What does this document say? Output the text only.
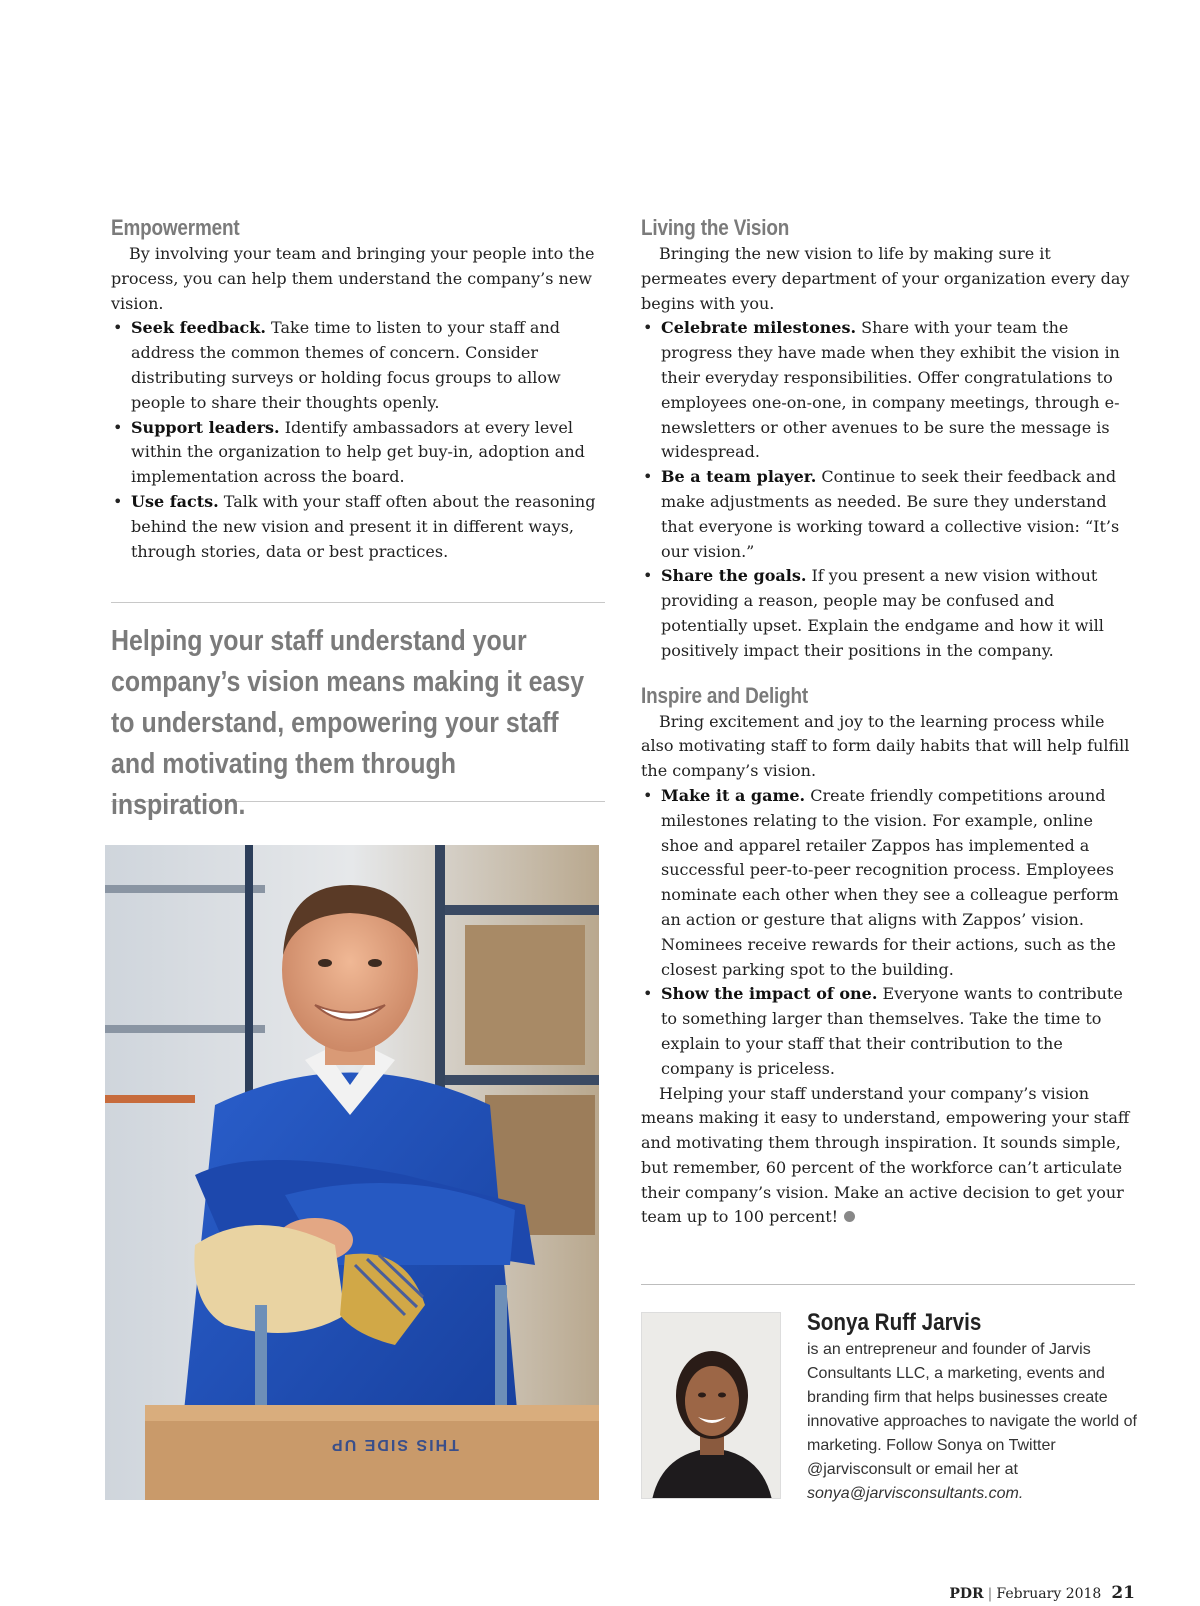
Empowerment

By involving your team and bringing your people into the process, you can help them understand the company’s new vision.

• Seek feedback. Take time to listen to your staff and address the common themes of concern. Consider distributing surveys or holding focus groups to allow people to share their thoughts openly.
• Support leaders. Identify ambassadors at every level within the organization to help get buy-in, adoption and implementation across the board.
• Use facts. Talk with your staff often about the reasoning behind the new vision and present it in different ways, through stories, data or best practices.
Helping your staff understand your company’s vision means making it easy to understand, empowering your staff and motivating them through inspiration.
THIS SIDE UP
Living the Vision

Bringing the new vision to life by making sure it permeates every department of your organization every day begins with you.

• Celebrate milestones. Share with your team the progress they have made when they exhibit the vision in their everyday responsibilities. Offer congratulations to employees one-on-one, in company meetings, through e-newsletters or other avenues to be sure the message is widespread.
• Be a team player. Continue to seek their feedback and make adjustments as needed. Be sure they understand that everyone is working toward a collective vision: “It’s our vision.”
• Share the goals. If you present a new vision without providing a reason, people may be confused and potentially upset. Explain the endgame and how it will positively impact their positions in the company.
Inspire and Delight

Bring excitement and joy to the learning process while also motivating staff to form daily habits that will help fulfill the company’s vision.

• Make it a game. Create friendly competitions around milestones relating to the vision. For example, online shoe and apparel retailer Zappos has implemented a successful peer-to-peer recognition process. Employees nominate each other when they see a colleague perform an action or gesture that aligns with Zappos’ vision. Nominees receive rewards for their actions, such as the closest parking spot to the building.
• Show the impact of one. Everyone wants to contribute to something larger than themselves. Take the time to explain to your staff that their contribution to the company is priceless.

Helping your staff understand your company’s vision means making it easy to understand, empowering your staff and motivating them through inspiration. It sounds simple, but remember, 60 percent of the workforce can’t articulate their company’s vision. Make an active decision to get your team up to 100 percent!

Sonya Ruff Jarvis
is an entrepreneur and founder of Jarvis Consultants LLC, a marketing, events and branding firm that helps businesses create innovative approaches to navigate the world of marketing. Follow Sonya on Twitter @jarvisconsult or email her at sonya@jarvisconsultants.com.
PDR | February 2018 21
